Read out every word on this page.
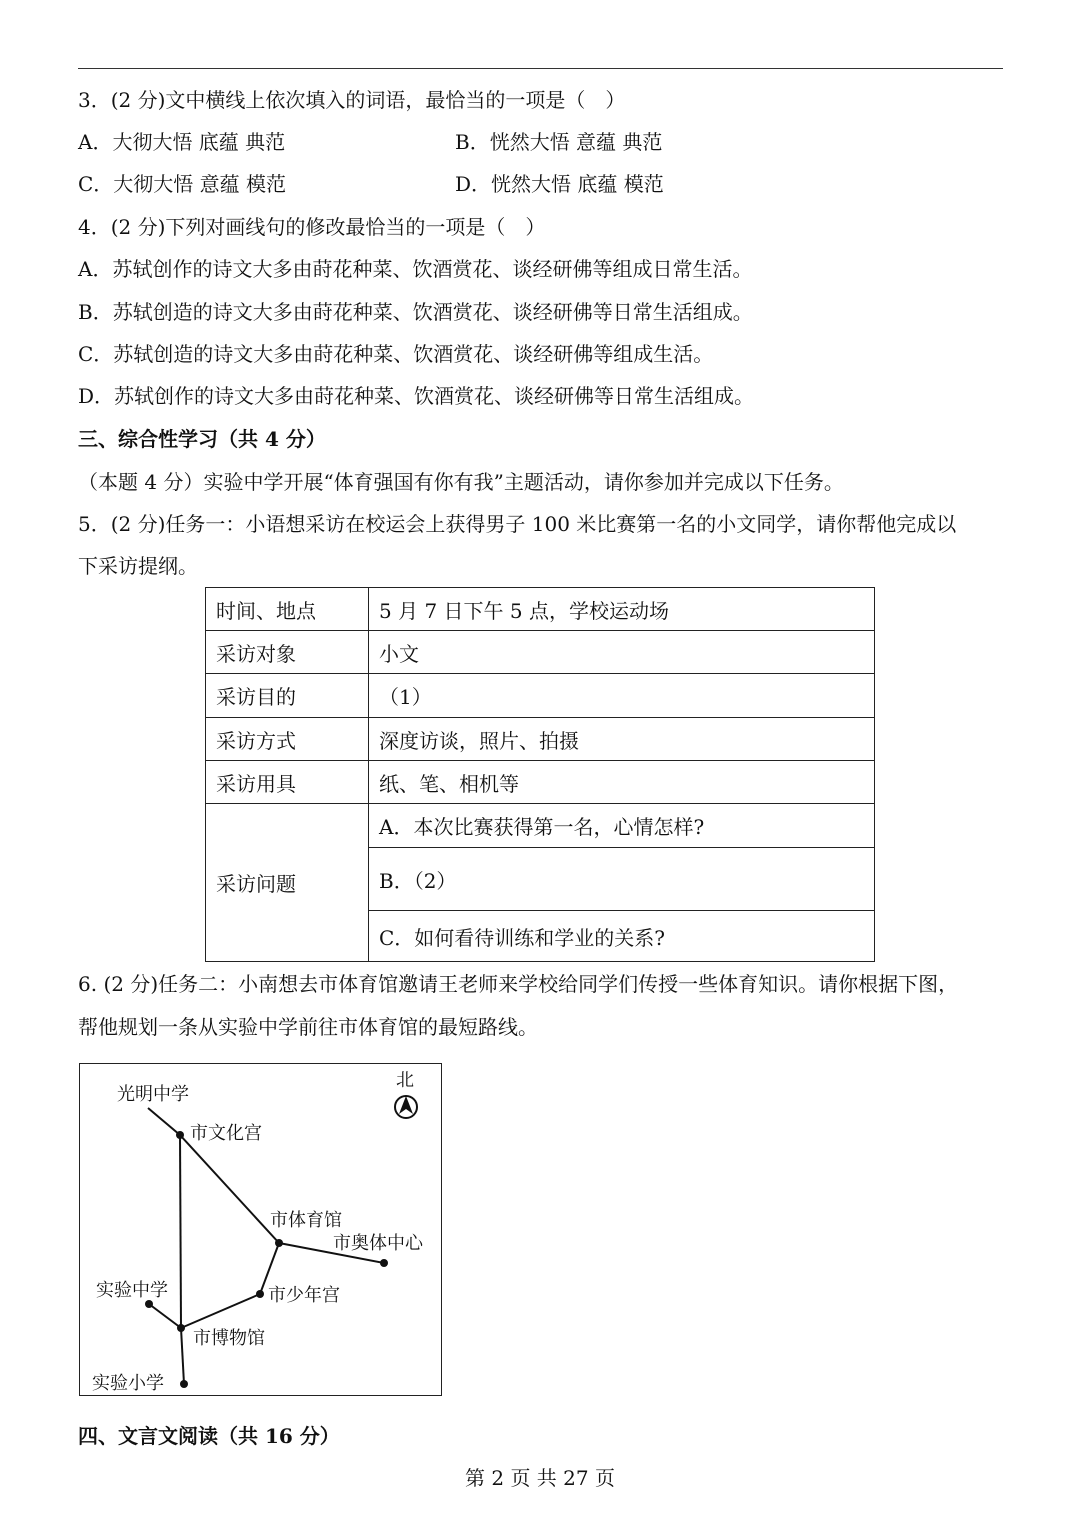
3．(2 分)文中横线上依次填入的词语，最恰当的一项是（　）
A．大彻大悟 底蕴 典范	B．恍然大悟 意蕴 典范
C．大彻大悟 意蕴 模范	D．恍然大悟 底蕴 模范
4．(2 分)下列对画线句的修改最恰当的一项是（　）
A．苏轼创作的诗文大多由莳花种菜、饮酒赏花、谈经研佛等组成日常生活。
B．苏轼创造的诗文大多由莳花种菜、饮酒赏花、谈经研佛等日常生活组成。
C．苏轼创造的诗文大多由莳花种菜、饮酒赏花、谈经研佛等组成生活。
D．苏轼创作的诗文大多由莳花种菜、饮酒赏花、谈经研佛等日常生活组成。
三、综合性学习（共 4 分）
（本题 4 分）实验中学开展“体育强国有你有我”主题活动，请你参加并完成以下任务。
5．(2 分)任务一：小语想采访在校运会上获得男子 100 米比赛第一名的小文同学，请你帮他完成以
下采访提纲。
时间、地点	5 月 7 日下午 5 点，学校运动场
采访对象	小文
采访目的	（1）
采访方式	深度访谈，照片、拍摄
采访用具	纸、笔、相机等
采访问题	A．本次比赛获得第一名，心情怎样?
	B．（2）
	C．如何看待训练和学业的关系?
6. (2 分)任务二：小南想去市体育馆邀请王老师来学校给同学们传授一些体育知识。请你根据下图，
帮他规划一条从实验中学前往市体育馆的最短路线。
北
光明中学
市文化宫
市体育馆
市奥体中心
市少年宫
实验中学
市博物馆
实验小学
四、文言文阅读（共 16 分）
第 2 页 共 27 页
